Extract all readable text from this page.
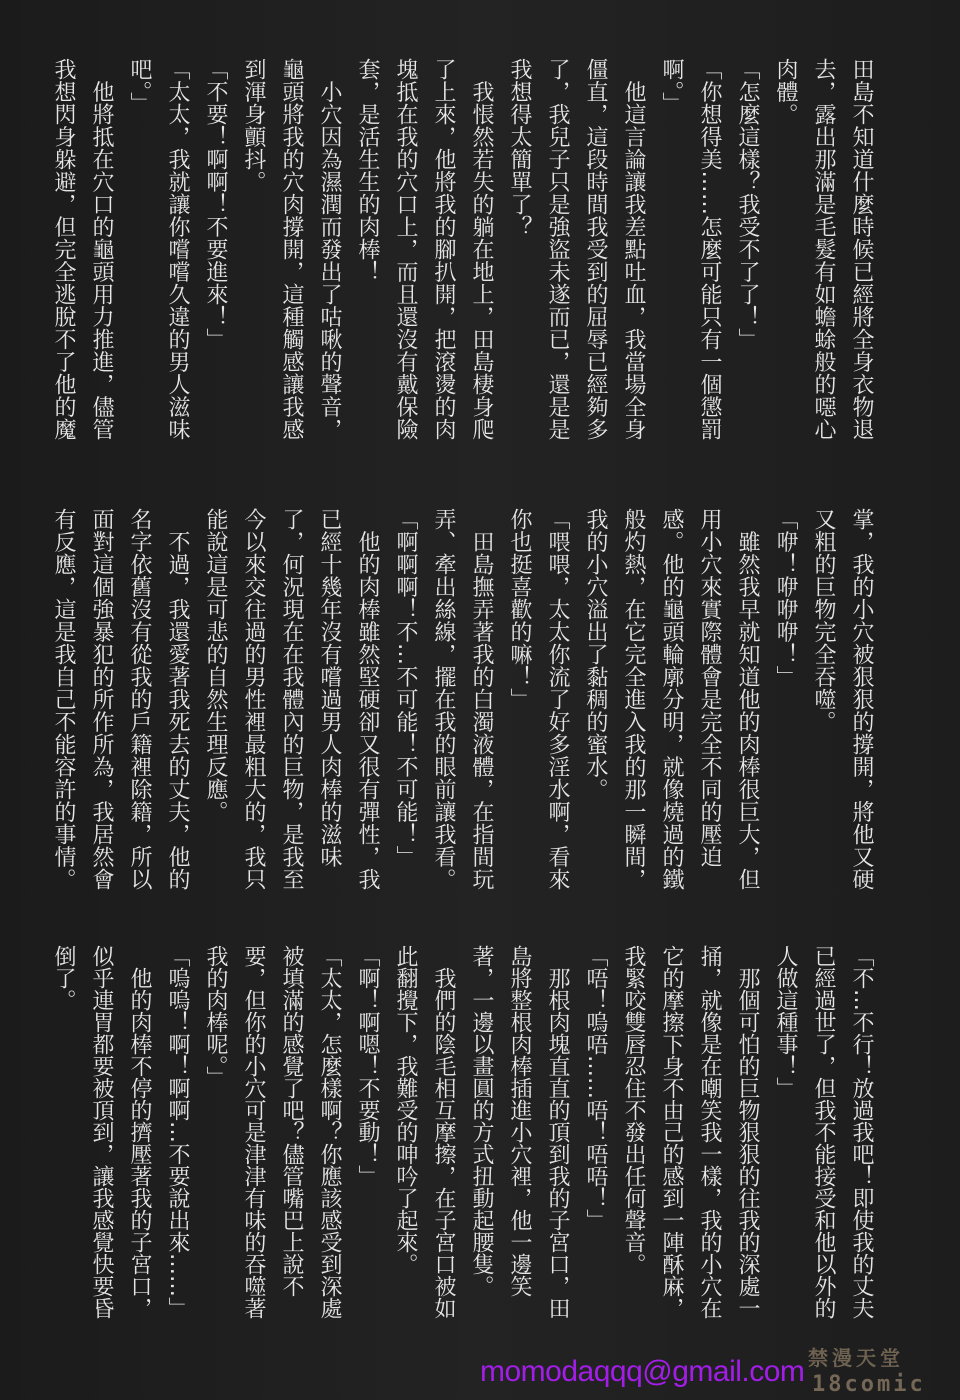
田島不知道什麼時候已經將全身衣物退
去，露出那滿是毛髮有如蟾蜍般的噁心
肉體。
「怎麼這樣？我受不了了！」
「你想得美……怎麼可能只有一個懲罰
啊。」
　他這言論讓我差點吐血，我當場全身
僵直，這段時間我受到的屈辱已經夠多
了，我兒子只是強盜未遂而已，還是是
我想得太簡單了？
　我悵然若失的躺在地上，田島棲身爬
了上來，他將我的腳扒開，把滾燙的肉
塊抵在我的穴口上，而且還沒有戴保險
套，是活生生的肉棒！
　小穴因為濕潤而發出了咕啾的聲音，
龜頭將我的穴肉撐開，這種觸感讓我感
到渾身顫抖。
「不要！啊啊！不要進來！」
「太太，我就讓你嚐嚐久違的男人滋味
吧。」
　他將抵在穴口的龜頭用力推進，儘管
我想閃身躲避，但完全逃脫不了他的魔
掌，我的小穴被狠狠的撐開，將他又硬
又粗的巨物完全吞噬。
「咿！咿咿咿！」
　雖然我早就知道他的肉棒很巨大，但
用小穴來實際體會是完全不同的壓迫
感。他的龜頭輪廓分明，就像燒過的鐵
般灼熱，在它完全進入我的那一瞬間，
我的小穴溢出了黏稠的蜜水。
「喂喂，太太你流了好多淫水啊，看來
你也挺喜歡的嘛！」
　田島撫弄著我的白濁液體，在指間玩
弄、牽出絲線，擺在我的眼前讓我看。
「啊啊啊！不…不可能！不可能！」
　他的肉棒雖然堅硬卻又很有彈性，我
已經十幾年沒有嚐過男人肉棒的滋味
了，何況現在在我體內的巨物，是我至
今以來交往過的男性裡最粗大的，我只
能說這是可悲的自然生理反應。
　不過，我還愛著我死去的丈夫，他的
名字依舊沒有從我的戶籍裡除籍，所以
面對這個強暴犯的所作所為，我居然會
有反應，這是我自己不能容許的事情。
「不…不行！放過我吧！即使我的丈夫
已經過世了，但我不能接受和他以外的
人做這種事！」
　那個可怕的巨物狠狠的往我的深處一
捅，就像是在嘲笑我一樣，我的小穴在
它的摩擦下身不由己的感到一陣酥麻，
我緊咬雙唇忍住不發出任何聲音。
「唔！嗚唔……唔！唔唔！」
　那根肉塊直直的頂到我的子宮口，田
島將整根肉棒插進小穴裡，他一邊笑
著，一邊以畫圓的方式扭動起腰隻。
　我們的陰毛相互摩擦，在子宮口被如
此翻攪下，我難受的呻吟了起來。
「啊！啊嗯！不要動！」
「太太，怎麼樣啊？你應該感受到深處
被填滿的感覺了吧？儘管嘴巴上說不
要，但你的小穴可是津津有味的吞噬著
我的肉棒呢。」
「嗚嗚！啊！啊啊…不要說出來……」
　他的肉棒不停的擠壓著我的子宮口，
似乎連胃都要被頂到，讓我感覺快要昏
倒了。
禁漫天堂
18comic
momodaqqq@gmail.com
